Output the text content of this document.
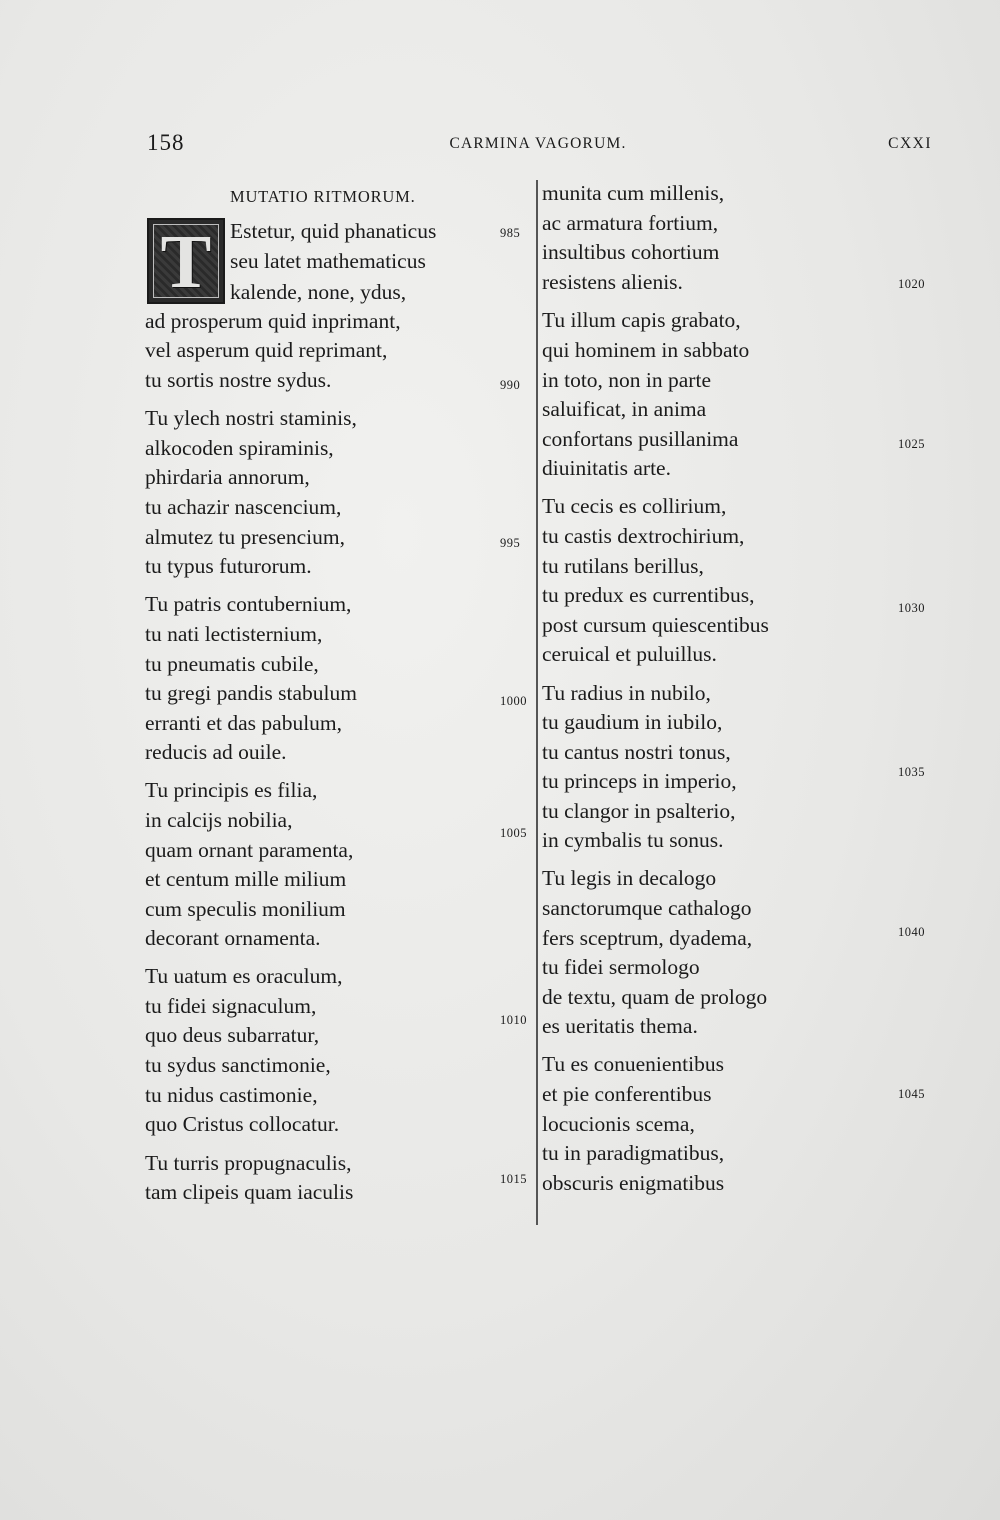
158	CARMINA VAGORUM.	CXXI
MUTATIO RITMORUM.
T Estetur, quid phanaticus
seu latet mathematicus
kalende, none, ydus,
ad prosperum quid inprimant,
vel asperum quid reprimant,
tu sortis nostre sydus.
Tu ylech nostri staminis,
alkocoden spiraminis,
phirdaria annorum,
tu achazir nascencium,
almutez tu presencium,
tu typus futurorum.
Tu patris contubernium,
tu nati lectisternium,
tu pneumatis cubile,
tu gregi pandis stabulum
erranti et das pabulum,
reducis ad ouile.
Tu principis es filia,
in calcijs nobilia,
quam ornant paramenta,
et centum mille milium
cum speculis monilium
decorant ornamenta.
Tu uatum es oraculum,
tu fidei signaculum,
quo deus subarratur,
tu sydus sanctimonie,
tu nidus castimonie,
quo Cristus collocatur.
Tu turris propugnaculis,
tam clipeis quam iaculis
985
990
995
1000
1005
1010
1015
munita cum millenis,
ac armatura fortium,
insultibus cohortium
resistens alienis.
Tu illum capis grabato,
qui hominem in sabbato
in toto, non in parte
saluificat, in anima
confortans pusillanima
diuinitatis arte.
Tu cecis es collirium,
tu castis dextrochirium,
tu rutilans berillus,
tu predux es currentibus,
post cursum quiescentibus
ceruical et puluillus.
Tu radius in nubilo,
tu gaudium in iubilo,
tu cantus nostri tonus,
tu princeps in imperio,
tu clangor in psalterio,
in cymbalis tu sonus.
Tu legis in decalogo
sanctorumque cathalogo
fers sceptrum, dyadema,
tu fidei sermologo
de textu, quam de prologo
es ueritatis thema.
Tu es conuenientibus
et pie conferentibus
locucionis scema,
tu in paradigmatibus,
obscuris enigmatibus
1020
1025
1030
1035
1040
1045
